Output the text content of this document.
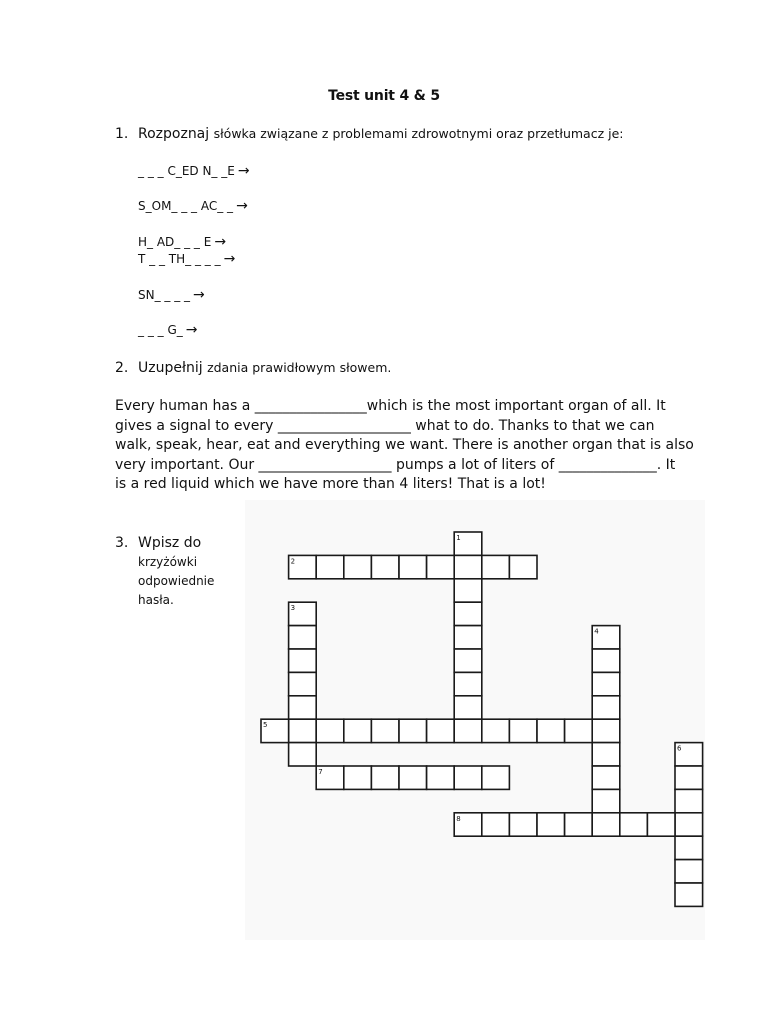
Test unit 4 & 5
1. Rozpoznaj słówka związane z problemami zdrowotnymi oraz przetłumacz je:
_ _ _ C_ED N_ _E →
S_OM_ _ _ AC_ _ →
H_ AD_ _ _ E →
T _ _ TH_ _ _ _ →
SN_ _ _ _ →
_ _ _ G_ →
2. Uzupełnij zdania prawidłowym słowem.
Every human has a ________________which is the most important organ of all. It
gives a signal to every ___________________ what to do. Thanks to that we can
walk, speak, hear, eat and everything we want. There is another organ that is also
very important. Our ___________________ pumps a lot of liters of ______________. It
is a red liquid which we have more than 4 liters! That is a lot!
3. Wpisz do
krzyżówki
odpowiednie
hasła.
1
2
3
4
5
6
7
8
